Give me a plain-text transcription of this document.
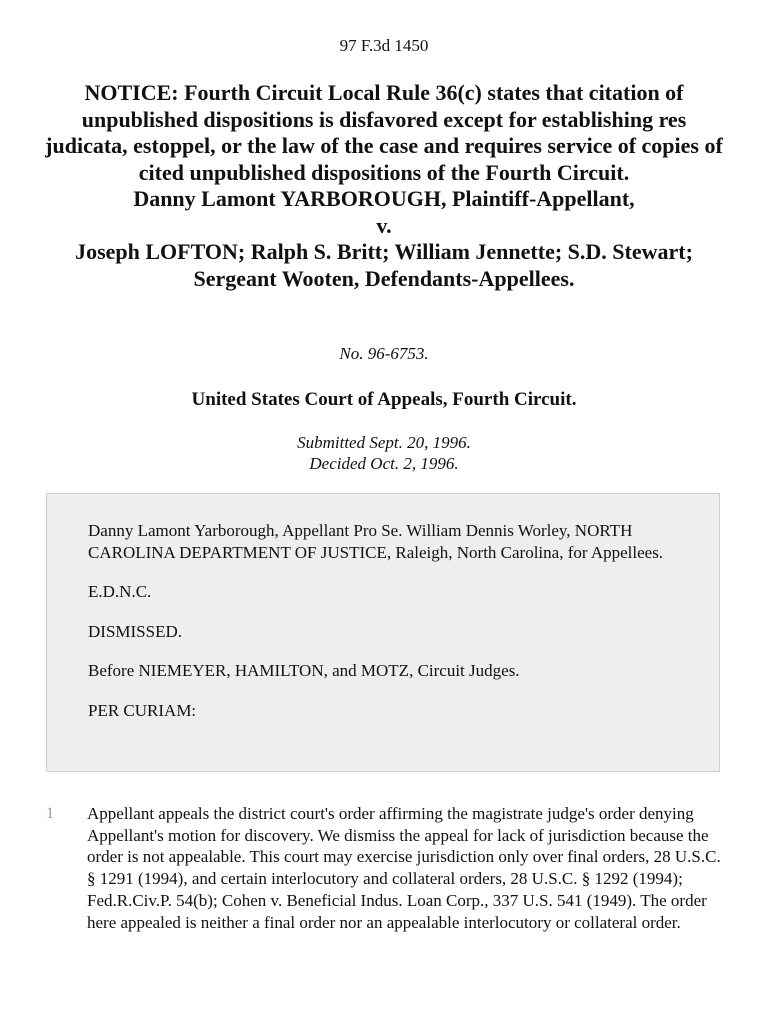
97 F.3d 1450
NOTICE: Fourth Circuit Local Rule 36(c) states that citation of unpublished dispositions is disfavored except for establishing res judicata, estoppel, or the law of the case and requires service of copies of cited unpublished dispositions of the Fourth Circuit.
Danny Lamont YARBOROUGH, Plaintiff-Appellant,
v.
Joseph LOFTON; Ralph S. Britt; William Jennette; S.D. Stewart; Sergeant Wooten, Defendants-Appellees.
No. 96-6753.
United States Court of Appeals, Fourth Circuit.
Submitted Sept. 20, 1996.
Decided Oct. 2, 1996.

Danny Lamont Yarborough, Appellant Pro Se. William Dennis Worley, NORTH CAROLINA DEPARTMENT OF JUSTICE, Raleigh, North Carolina, for Appellees.

E.D.N.C.

DISMISSED.

Before NIEMEYER, HAMILTON, and MOTZ, Circuit Judges.

PER CURIAM:

1 Appellant appeals the district court's order affirming the magistrate judge's order denying Appellant's motion for discovery. We dismiss the appeal for lack of jurisdiction because the order is not appealable. This court may exercise jurisdiction only over final orders, 28 U.S.C. § 1291 (1994), and certain interlocutory and collateral orders, 28 U.S.C. § 1292 (1994); Fed.R.Civ.P. 54(b); Cohen v. Beneficial Indus. Loan Corp., 337 U.S. 541 (1949). The order here appealed is neither a final order nor an appealable interlocutory or collateral order.
